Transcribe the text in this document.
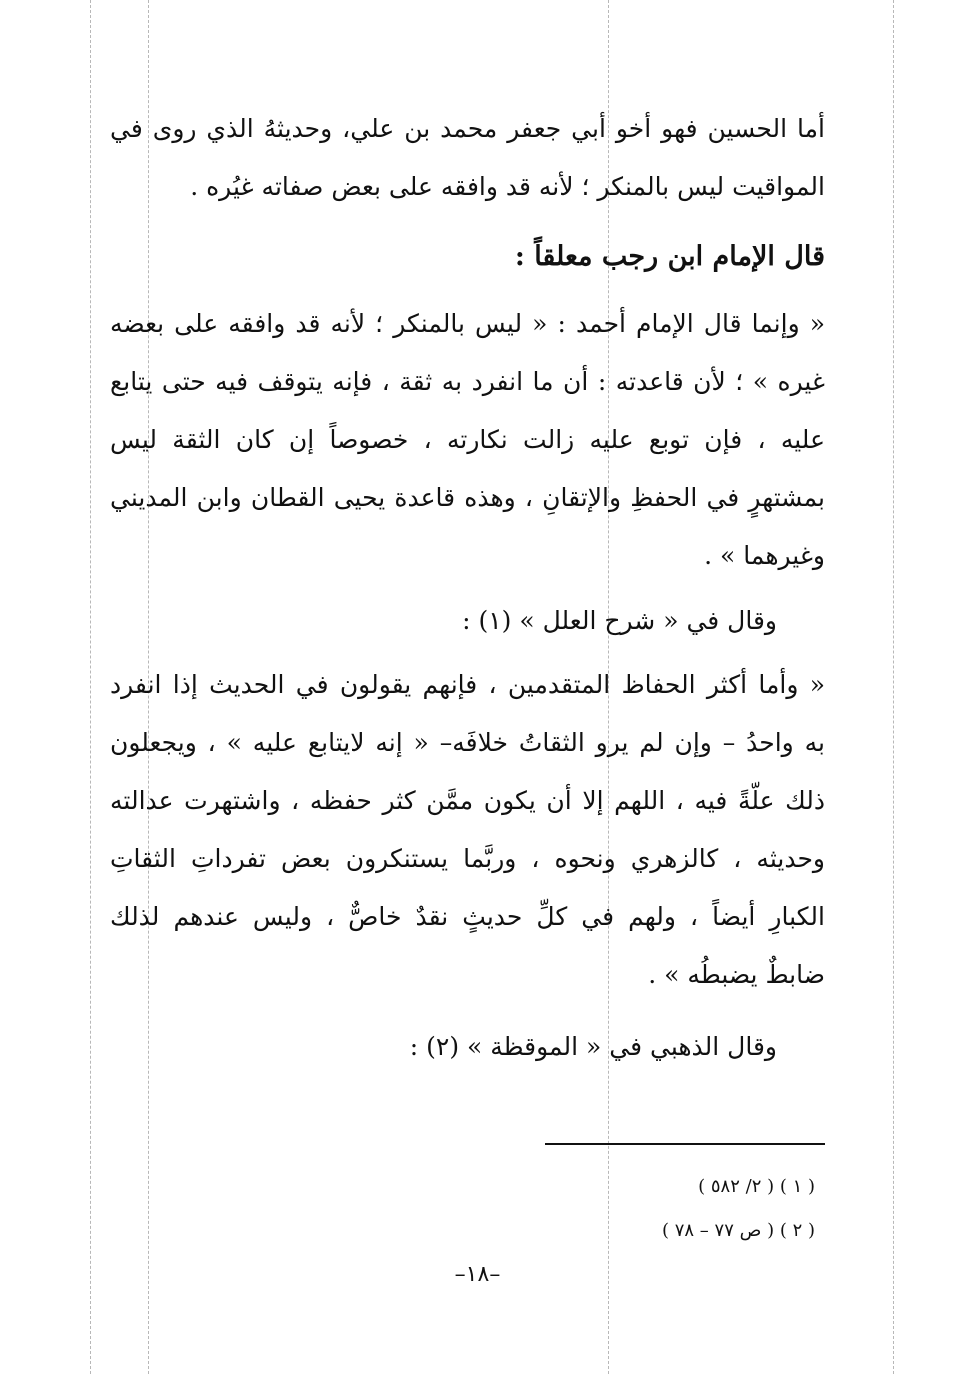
أما الحسين فهو أخو أبي جعفر محمد بن علي، وحديثهُ الذي روى في
المواقيت ليس بالمنكر ؛ لأنه قد وافقه على بعض صفاته غيُره .
قال الإمام ابن رجب معلقاً :
« وإنما قال الإمام أحمد : « ليس بالمنكر ؛ لأنه قد وافقه على بعضه
غيره » ؛ لأن قاعدته : أن ما انفرد به ثقة ، فإنه يتوقف فيه حتى يتابع
عليه ، فإن توبع عليه زالت نكارته ، خصوصاً إن كان الثقة ليس
بمشتهرٍ في الحفظِ والإتقانِ ، وهذه قاعدة يحيى القطان وابن المديني
وغيرهما » .
وقال في « شرح العلل » (١) :
« وأما أكثر الحفاظ المتقدمين ، فإنهم يقولون في الحديث إذا انفرد
به واحدُ – وإن لم يرو الثقاتُ خلافَه– « إنه لايتابع عليه » ، ويجعلون
ذلك علّةً فيه ، اللهم إلا أن يكون ممَّن كثر حفظه ، واشتهرت عدالته
وحديثه ، كالزهري ونحوه ، وربَّما يستنكرون بعض تفرداتِ الثقاتِ
الكبارِ أيضاً ، ولهم في كلِّ حديثٍ نقدٌ خاصٌّ ، وليس عندهم لذلك
ضابطٌ يضبطُه » .
وقال الذهبي في « الموقظة » (٢) :
( ١ ) ( ٢/ ٥٨٢ )
( ٢ ) ( ص ٧٧ – ٧٨ )
–١٨–
